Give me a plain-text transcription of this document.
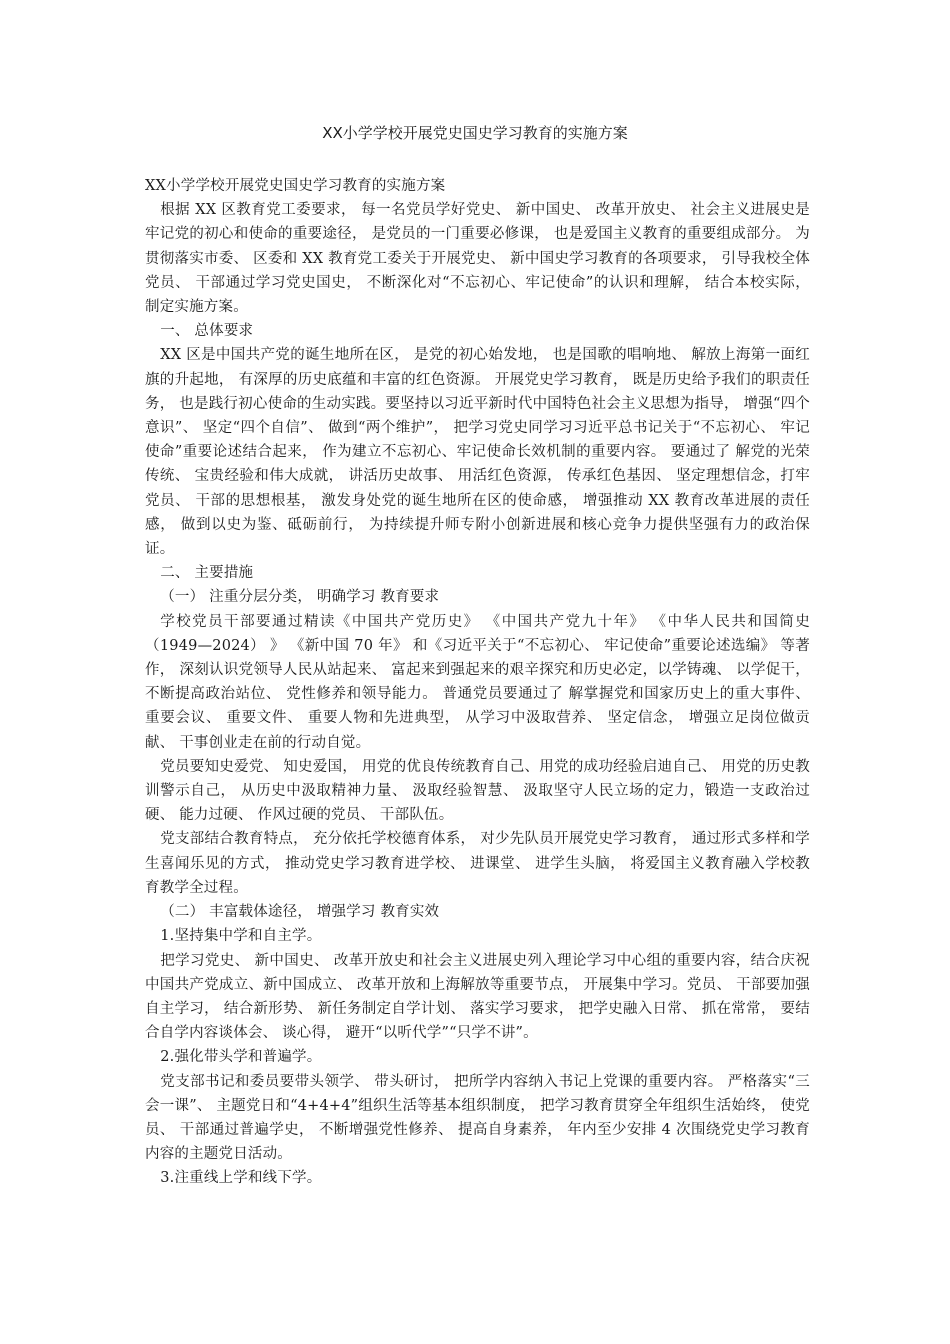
XX小学学校开展党史国史学习教育的实施方案

XX小学学校开展党史国史学习教育的实施方案

根据 XX 区教育党工委要求， 每一名党员学好党史、 新中国史、 改革开放史、 社会主义进展史是牢记党的初心和使命的重要途径， 是党员的一门重要必修课， 也是爱国主义教育的重要组成部分。 为贯彻落实市委、 区委和 XX 教育党工委关于开展党史、 新中国史学习教育的各项要求， 引导我校全体党员、 干部通过学习党史国史， 不断深化对“不忘初心、牢记使命”的认识和理解， 结合本校实际， 制定实施方案。

一、 总体要求

XX 区是中国共产党的诞生地所在区， 是党的初心始发地， 也是国歌的唱响地、 解放上海第一面红旗的升起地， 有深厚的历史底蕴和丰富的红色资源。 开展党史学习教育， 既是历史给予我们的职责任务， 也是践行初心使命的生动实践。要坚持以习近平新时代中国特色社会主义思想为指导， 增强“四个意识”、 坚定“四个自信”、 做到“两个维护”， 把学习党史同学习习近平总书记关于“不忘初心、 牢记使命”重要论述结合起来， 作为建立不忘初心、牢记使命长效机制的重要内容。 要通过了 解党的光荣传统、 宝贵经验和伟大成就， 讲活历史故事、 用活红色资源， 传承红色基因、 坚定理想信念，打牢党员、 干部的思想根基， 激发身处党的诞生地所在区的使命感， 增强推动 XX 教育改革进展的责任感， 做到以史为鉴、砥砺前行， 为持续提升师专附小创新进展和核心竞争力提供坚强有力的政治保证。

二、 主要措施

（一） 注重分层分类， 明确学习 教育要求

学校党员干部要通过精读《中国共产党历史》 《中国共产党九十年》 《中华人民共和国简史（1949—2024） 》 《新中国 70 年》 和《习近平关于“不忘初心、 牢记使命”重要论述选编》 等著作， 深刻认识党领导人民从站起来、 富起来到强起来的艰辛探究和历史必定，以学铸魂、 以学促干， 不断提高政治站位、 党性修养和领导能力。 普通党员要通过了 解掌握党和国家历史上的重大事件、 重要会议、 重要文件、 重要人物和先进典型， 从学习中汲取营养、 坚定信念， 增强立足岗位做贡献、 干事创业走在前的行动自觉。

党员要知史爱党、 知史爱国， 用党的优良传统教育自己、用党的成功经验启迪自己、 用党的历史教训警示自己， 从历史中汲取精神力量、 汲取经验智慧、 汲取坚守人民立场的定力，锻造一支政治过硬、 能力过硬、 作风过硬的党员、 干部队伍。

党支部结合教育特点， 充分依托学校德育体系， 对少先队员开展党史学习教育， 通过形式多样和学生喜闻乐见的方式， 推动党史学习教育进学校、 进课堂、 进学生头脑， 将爱国主义教育融入学校教育教学全过程。

（二） 丰富载体途径， 增强学习 教育实效

1.坚持集中学和自主学。

把学习党史、 新中国史、 改革开放史和社会主义进展史列入理论学习中心组的重要内容，结合庆祝中国共产党成立、新中国成立、 改革开放和上海解放等重要节点， 开展集中学习。党员、 干部要加强自主学习， 结合新形势、 新任务制定自学计划、 落实学习要求， 把学史融入日常、 抓在常常， 要结合自学内容谈体会、 谈心得， 避开“以听代学”“只学不讲”。

2.强化带头学和普遍学。

党支部书记和委员要带头领学、 带头研讨， 把所学内容纳入书记上党课的重要内容。 严格落实“三会一课”、 主题党日和“4+4+4”组织生活等基本组织制度， 把学习教育贯穿全年组织生活始终， 使党员、 干部通过普遍学史， 不断增强党性修养、 提高自身素养， 年内至少安排 4 次围绕党史学习教育内容的主题党日活动。

3.注重线上学和线下学。
